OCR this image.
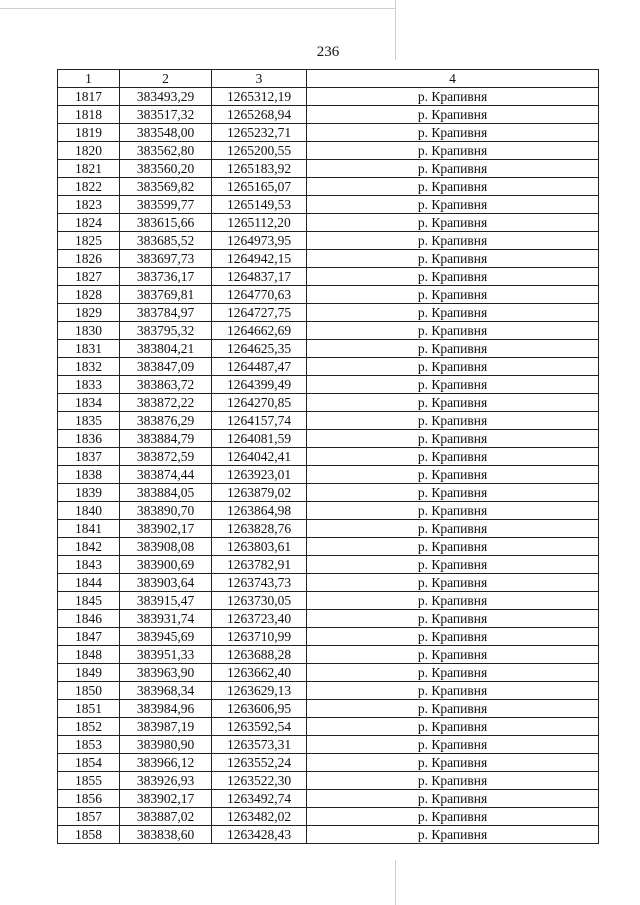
236
1	2	3	4
1817	383493,29	1265312,19	р. Крапивня
1818	383517,32	1265268,94	р. Крапивня
1819	383548,00	1265232,71	р. Крапивня
1820	383562,80	1265200,55	р. Крапивня
1821	383560,20	1265183,92	р. Крапивня
1822	383569,82	1265165,07	р. Крапивня
1823	383599,77	1265149,53	р. Крапивня
1824	383615,66	1265112,20	р. Крапивня
1825	383685,52	1264973,95	р. Крапивня
1826	383697,73	1264942,15	р. Крапивня
1827	383736,17	1264837,17	р. Крапивня
1828	383769,81	1264770,63	р. Крапивня
1829	383784,97	1264727,75	р. Крапивня
1830	383795,32	1264662,69	р. Крапивня
1831	383804,21	1264625,35	р. Крапивня
1832	383847,09	1264487,47	р. Крапивня
1833	383863,72	1264399,49	р. Крапивня
1834	383872,22	1264270,85	р. Крапивня
1835	383876,29	1264157,74	р. Крапивня
1836	383884,79	1264081,59	р. Крапивня
1837	383872,59	1264042,41	р. Крапивня
1838	383874,44	1263923,01	р. Крапивня
1839	383884,05	1263879,02	р. Крапивня
1840	383890,70	1263864,98	р. Крапивня
1841	383902,17	1263828,76	р. Крапивня
1842	383908,08	1263803,61	р. Крапивня
1843	383900,69	1263782,91	р. Крапивня
1844	383903,64	1263743,73	р. Крапивня
1845	383915,47	1263730,05	р. Крапивня
1846	383931,74	1263723,40	р. Крапивня
1847	383945,69	1263710,99	р. Крапивня
1848	383951,33	1263688,28	р. Крапивня
1849	383963,90	1263662,40	р. Крапивня
1850	383968,34	1263629,13	р. Крапивня
1851	383984,96	1263606,95	р. Крапивня
1852	383987,19	1263592,54	р. Крапивня
1853	383980,90	1263573,31	р. Крапивня
1854	383966,12	1263552,24	р. Крапивня
1855	383926,93	1263522,30	р. Крапивня
1856	383902,17	1263492,74	р. Крапивня
1857	383887,02	1263482,02	р. Крапивня
1858	383838,60	1263428,43	р. Крапивня
